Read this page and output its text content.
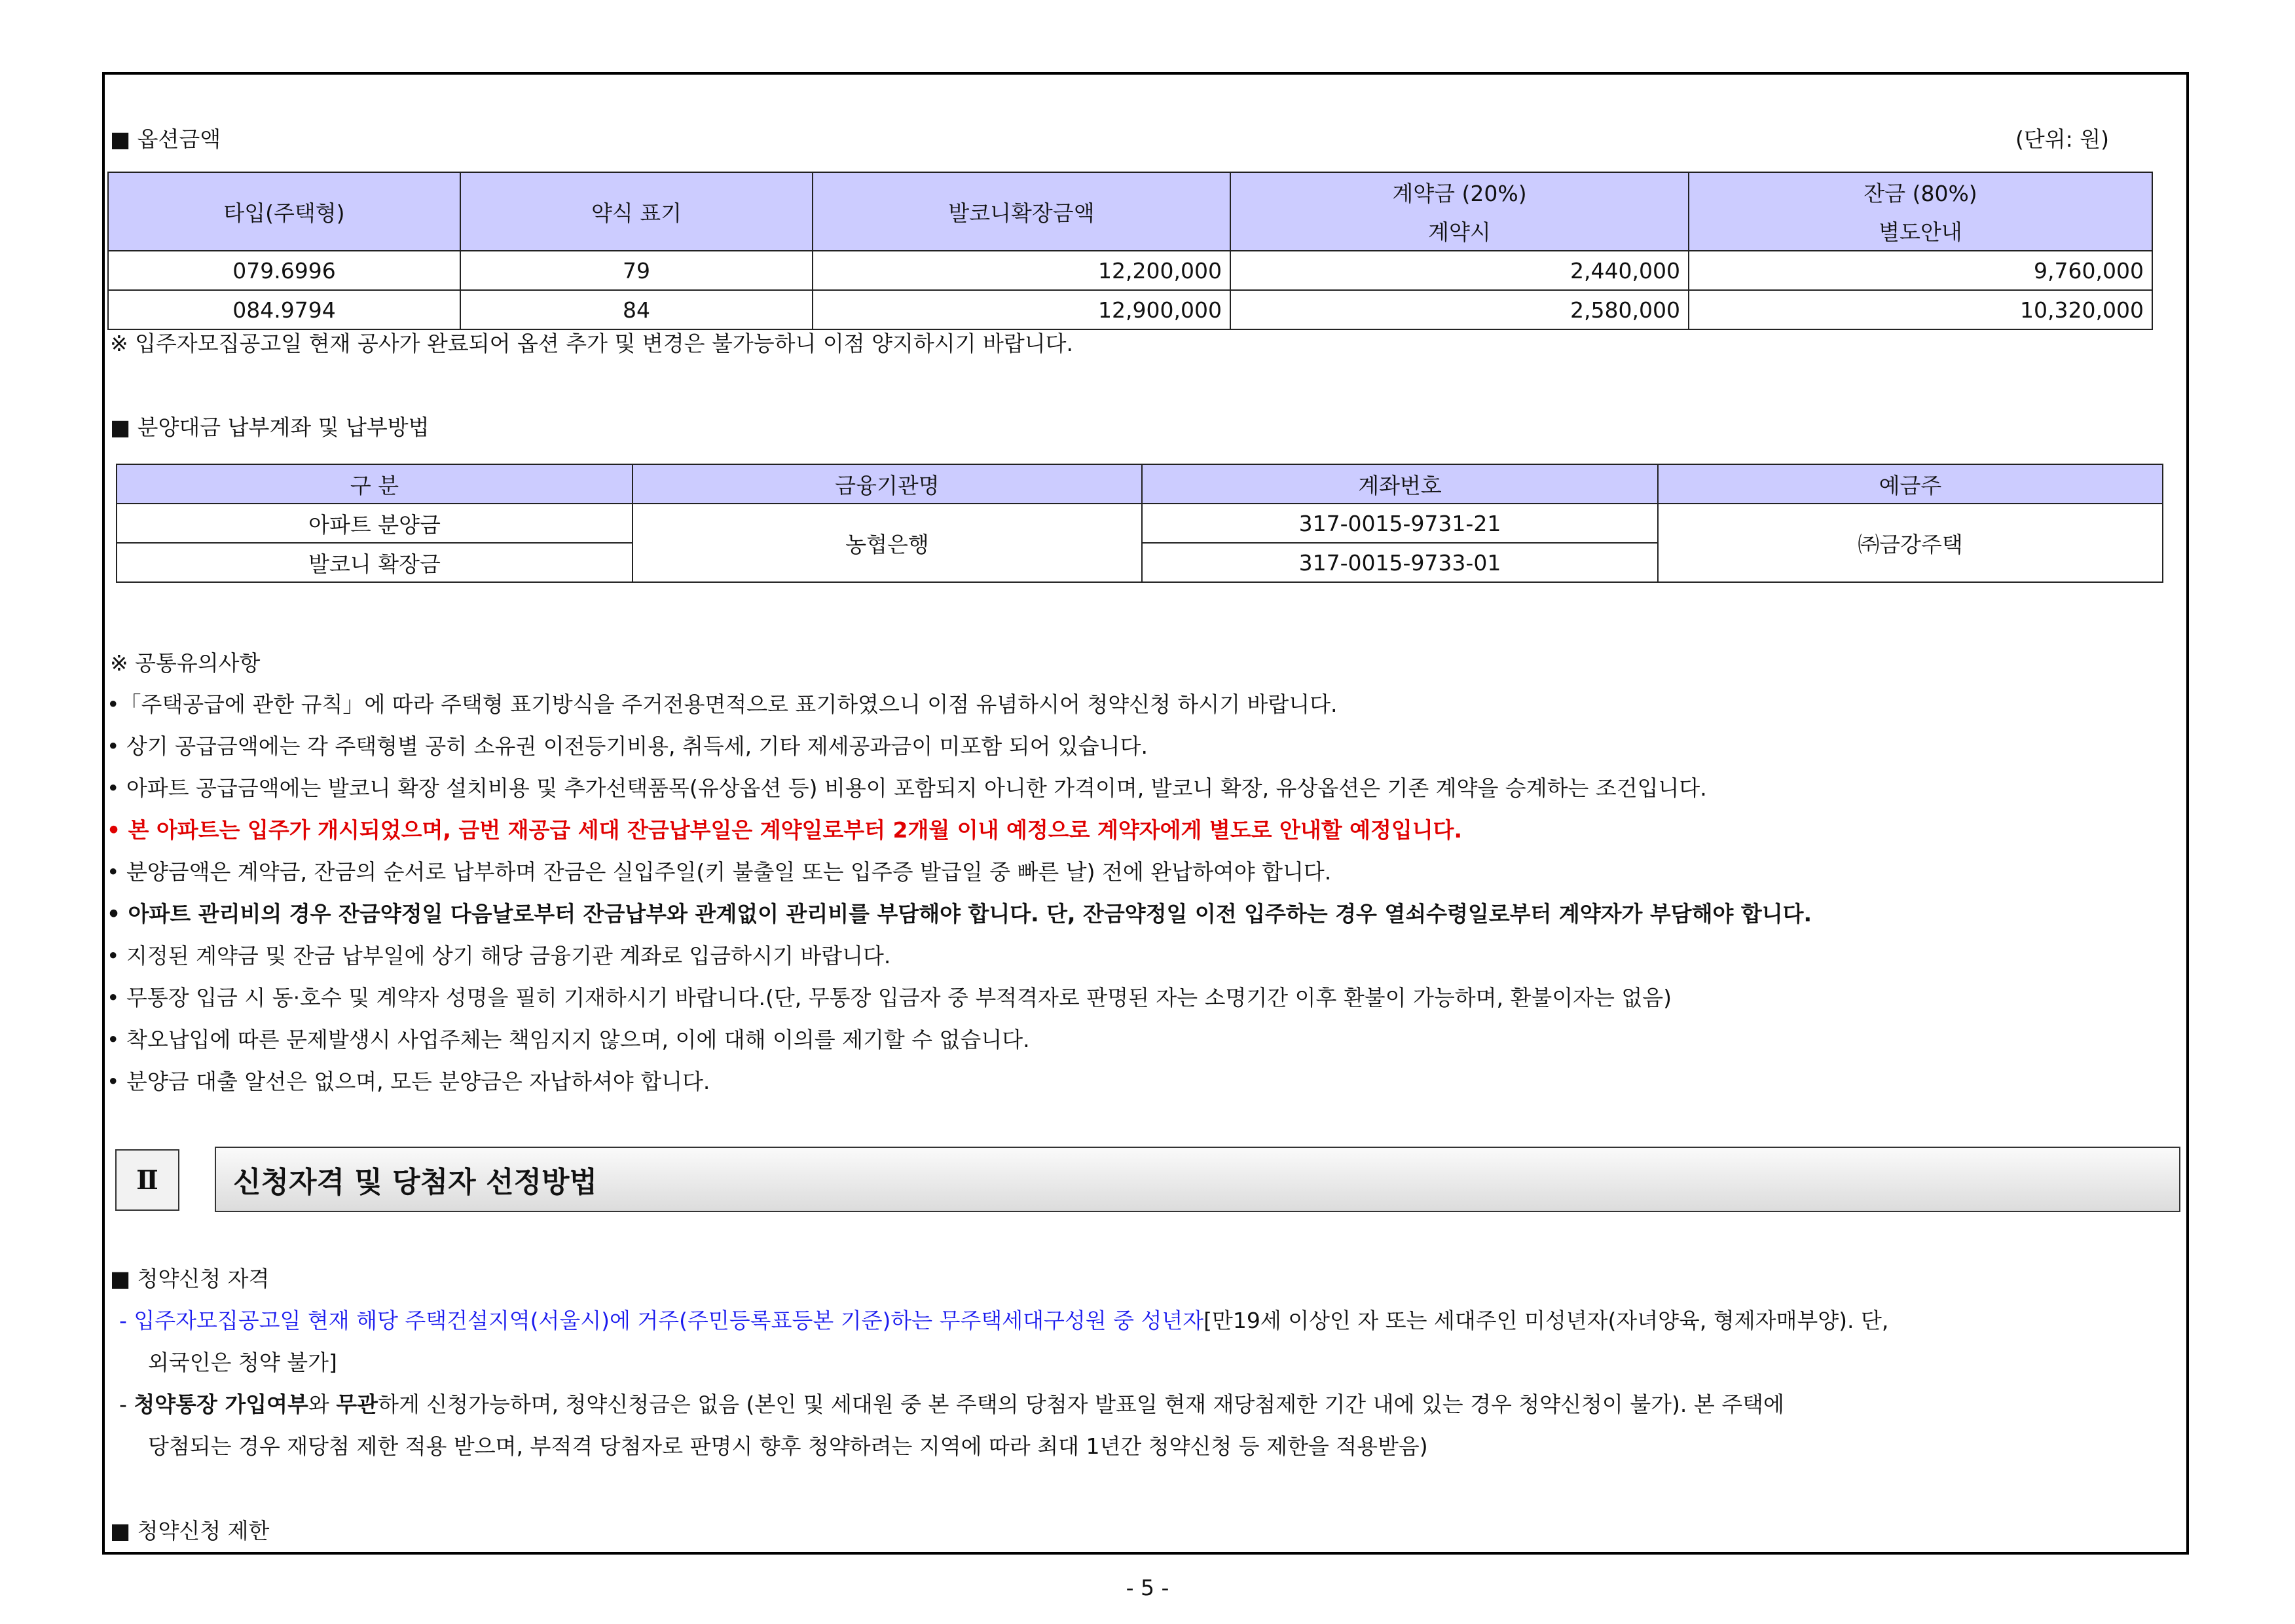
■ 옵션금액	(단위: 원)
타입(주택형)	약식 표기	발코니확장금액	계약금 (20%)	잔금 (80%)
			계약시	별도안내
079.6996	79	12,200,000	2,440,000	9,760,000
084.9794	84	12,900,000	2,580,000	10,320,000
※ 입주자모집공고일 현재 공사가 완료되어 옵션 추가 및 변경은 불가능하니 이점 양지하시기 바랍니다.
■ 분양대금 납부계좌 및 납부방법
구 분	금융기관명	계좌번호	예금주
아파트 분양금	농협은행	317-0015-9731-21	㈜금강주택
발코니 확장금		317-0015-9733-01	
※ 공통유의사항
•「주택공급에 관한 규칙」에 따라 주택형 표기방식을 주거전용면적으로 표기하였으니 이점 유념하시어 청약신청 하시기 바랍니다.
• 상기 공급금액에는 각 주택형별 공히 소유권 이전등기비용, 취득세, 기타 제세공과금이 미포함 되어 있습니다.
• 아파트 공급금액에는 발코니 확장 설치비용 및 추가선택품목(유상옵션 등) 비용이 포함되지 아니한 가격이며, 발코니 확장, 유상옵션은 기존 계약을 승계하는 조건입니다.
• 본 아파트는 입주가 개시되었으며, 금번 재공급 세대 잔금납부일은 계약일로부터 2개월 이내 예정으로 계약자에게 별도로 안내할 예정입니다.
• 분양금액은 계약금, 잔금의 순서로 납부하며 잔금은 실입주일(키 불출일 또는 입주증 발급일 중 빠른 날) 전에 완납하여야 합니다.
• 아파트 관리비의 경우 잔금약정일 다음날로부터 잔금납부와 관계없이 관리비를 부담해야 합니다. 단, 잔금약정일 이전 입주하는 경우 열쇠수령일로부터 계약자가 부담해야 합니다.
• 지정된 계약금 및 잔금 납부일에 상기 해당 금융기관 계좌로 입금하시기 바랍니다.
• 무통장 입금 시 동·호수 및 계약자 성명을 필히 기재하시기 바랍니다.(단, 무통장 입금자 중 부적격자로 판명된 자는 소명기간 이후 환불이 가능하며, 환불이자는 없음)
• 착오납입에 따른 문제발생시 사업주체는 책임지지 않으며, 이에 대해 이의를 제기할 수 없습니다.
• 분양금 대출 알선은 없으며, 모든 분양금은 자납하셔야 합니다.
Ⅱ	신청자격 및 당첨자 선정방법
■ 청약신청 자격
- 입주자모집공고일 현재 해당 주택건설지역(서울시)에 거주(주민등록표등본 기준)하는 무주택세대구성원 중 성년자[만19세 이상인 자 또는 세대주인 미성년자(자녀양육, 형제자매부양). 단,
외국인은 청약 불가]
- 청약통장 가입여부와 무관하게 신청가능하며, 청약신청금은 없음 (본인 및 세대원 중 본 주택의 당첨자 발표일 현재 재당첨제한 기간 내에 있는 경우 청약신청이 불가). 본 주택에
당첨되는 경우 재당첨 제한 적용 받으며, 부적격 당첨자로 판명시 향후 청약하려는 지역에 따라 최대 1년간 청약신청 등 제한을 적용받음)
■ 청약신청 제한
- 5 -
